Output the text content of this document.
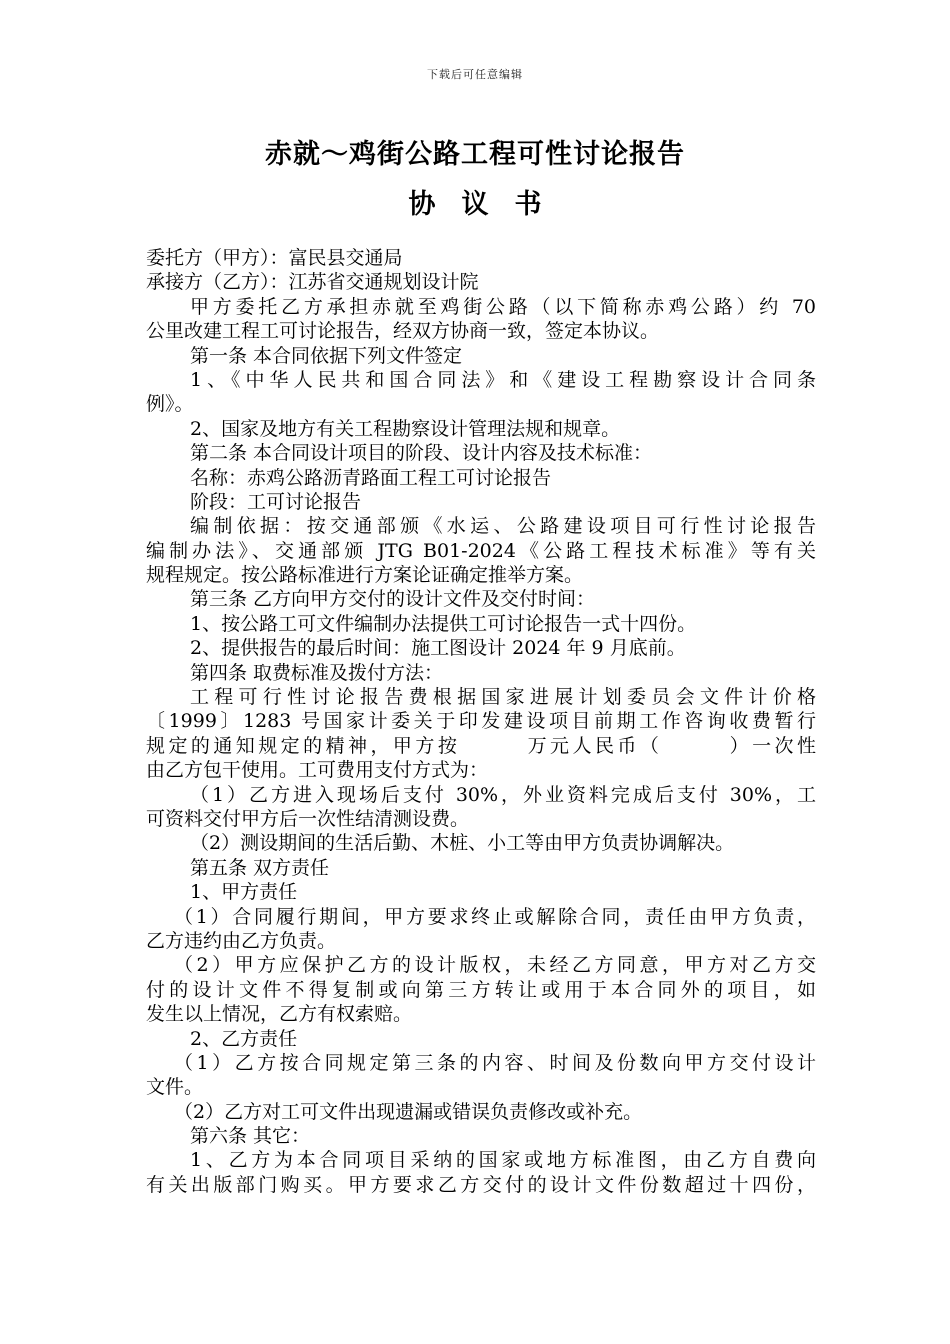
下载后可任意编辑
赤就～鸡街公路工程可性讨论报告
协议书
委托方（甲方）：富民县交通局
承接方（乙方）：江苏省交通规划设计院
甲方委托乙方承担赤就至鸡街公路（以下简称赤鸡公路）约 70
公里改建工程工可讨论报告，经双方协商一致，签定本协议。
第一条 本合同依据下列文件签定
1、《中华人民共和国合同法》和《建设工程勘察设计合同条
例》。
2、国家及地方有关工程勘察设计管理法规和规章。
第二条 本合同设计项目的阶段、设计内容及技术标准：
名称：赤鸡公路沥青路面工程工可讨论报告
阶段：工可讨论报告
编制依据：按交通部颁《水运、公路建设项目可行性讨论报告
编制办法》、交通部颁 JTG B01-2024《公路工程技术标准》等有关
规程规定。按公路标准进行方案论证确定推举方案。
第三条 乙方向甲方交付的设计文件及交付时间：
1、按公路工可文件编制办法提供工可讨论报告一式十四份。
2、提供报告的最后时间：施工图设计 2024 年 9 月底前。
第四条 取费标准及拨付方法：
工程可行性讨论报告费根据国家进展计划委员会文件计价格
〔1999〕1283 号国家计委关于印发建设项目前期工作咨询收费暂行
规定的通知规定的精神，甲方按　　　万元人民币（　　　）一次性
由乙方包干使用。工可费用支付方式为：
（1）乙方进入现场后支付 30%，外业资料完成后支付 30%，工
可资料交付甲方后一次性结清测设费。
（2）测设期间的生活后勤、木桩、小工等由甲方负责协调解决。
第五条 双方责任
1、甲方责任
（1）合同履行期间，甲方要求终止或解除合同，责任由甲方负责，
乙方违约由乙方负责。
（2）甲方应保护乙方的设计版权，未经乙方同意，甲方对乙方交
付的设计文件不得复制或向第三方转让或用于本合同外的项目，如
发生以上情况，乙方有权索赔。
2、乙方责任
（1）乙方按合同规定第三条的内容、时间及份数向甲方交付设计
文件。
（2）乙方对工可文件出现遗漏或错误负责修改或补充。
第六条 其它：
1、乙方为本合同项目采纳的国家或地方标准图，由乙方自费向
有关出版部门购买。甲方要求乙方交付的设计文件份数超过十四份，
